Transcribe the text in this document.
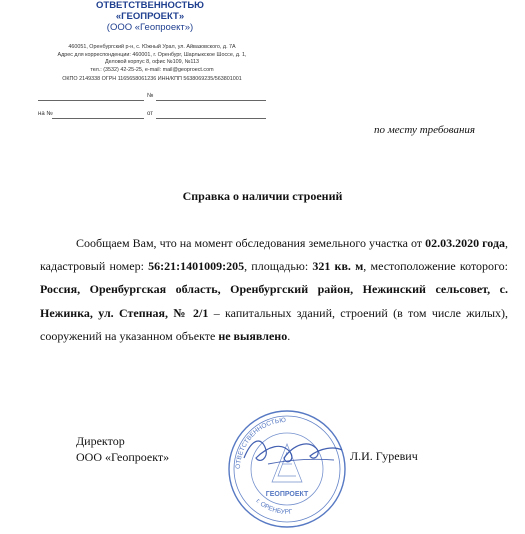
ОТВЕТСТВЕННОСТЬЮ
«ГЕОПРОЕКТ»
(ООО «Геопроект»)
460051, Оренбургский р-н, с. Южный Урал, ул. Айвазовского, д. 7А
Адрес для корреспонденции: 460001, г. Оренбург, Шарлыкское Шоссе, д. 1,
Деловой корпус 8, офис №109, №113
тел.: (3532) 42-25-25, e-mail: mail@geoproect.com
ОКПО 2149338 ОГРН 1165658061236 ИНН/КПП 5638069235/563801001
№
на №	от
по месту требования
Справка о наличии строений
Сообщаем Вам, что на момент обследования земельного участка от 02.03.2020 года, кадастровый номер: 56:21:1401009:205, площадью: 321 кв. м, местоположение которого: Россия, Оренбургская область, Оренбургский район, Нежинский сельсовет, с. Нежинка, ул. Степная, № 2/1 – капитальных зданий, строений (в том числе жилых), сооружений на указанном объекте не выявлено.
ОТВЕТСТВЕННОСТЬЮ
г. ОРЕНБУРГ
ГЕОПРОЕКТ
Директор
ООО «Геопроект»	Л.И. Гуревич
